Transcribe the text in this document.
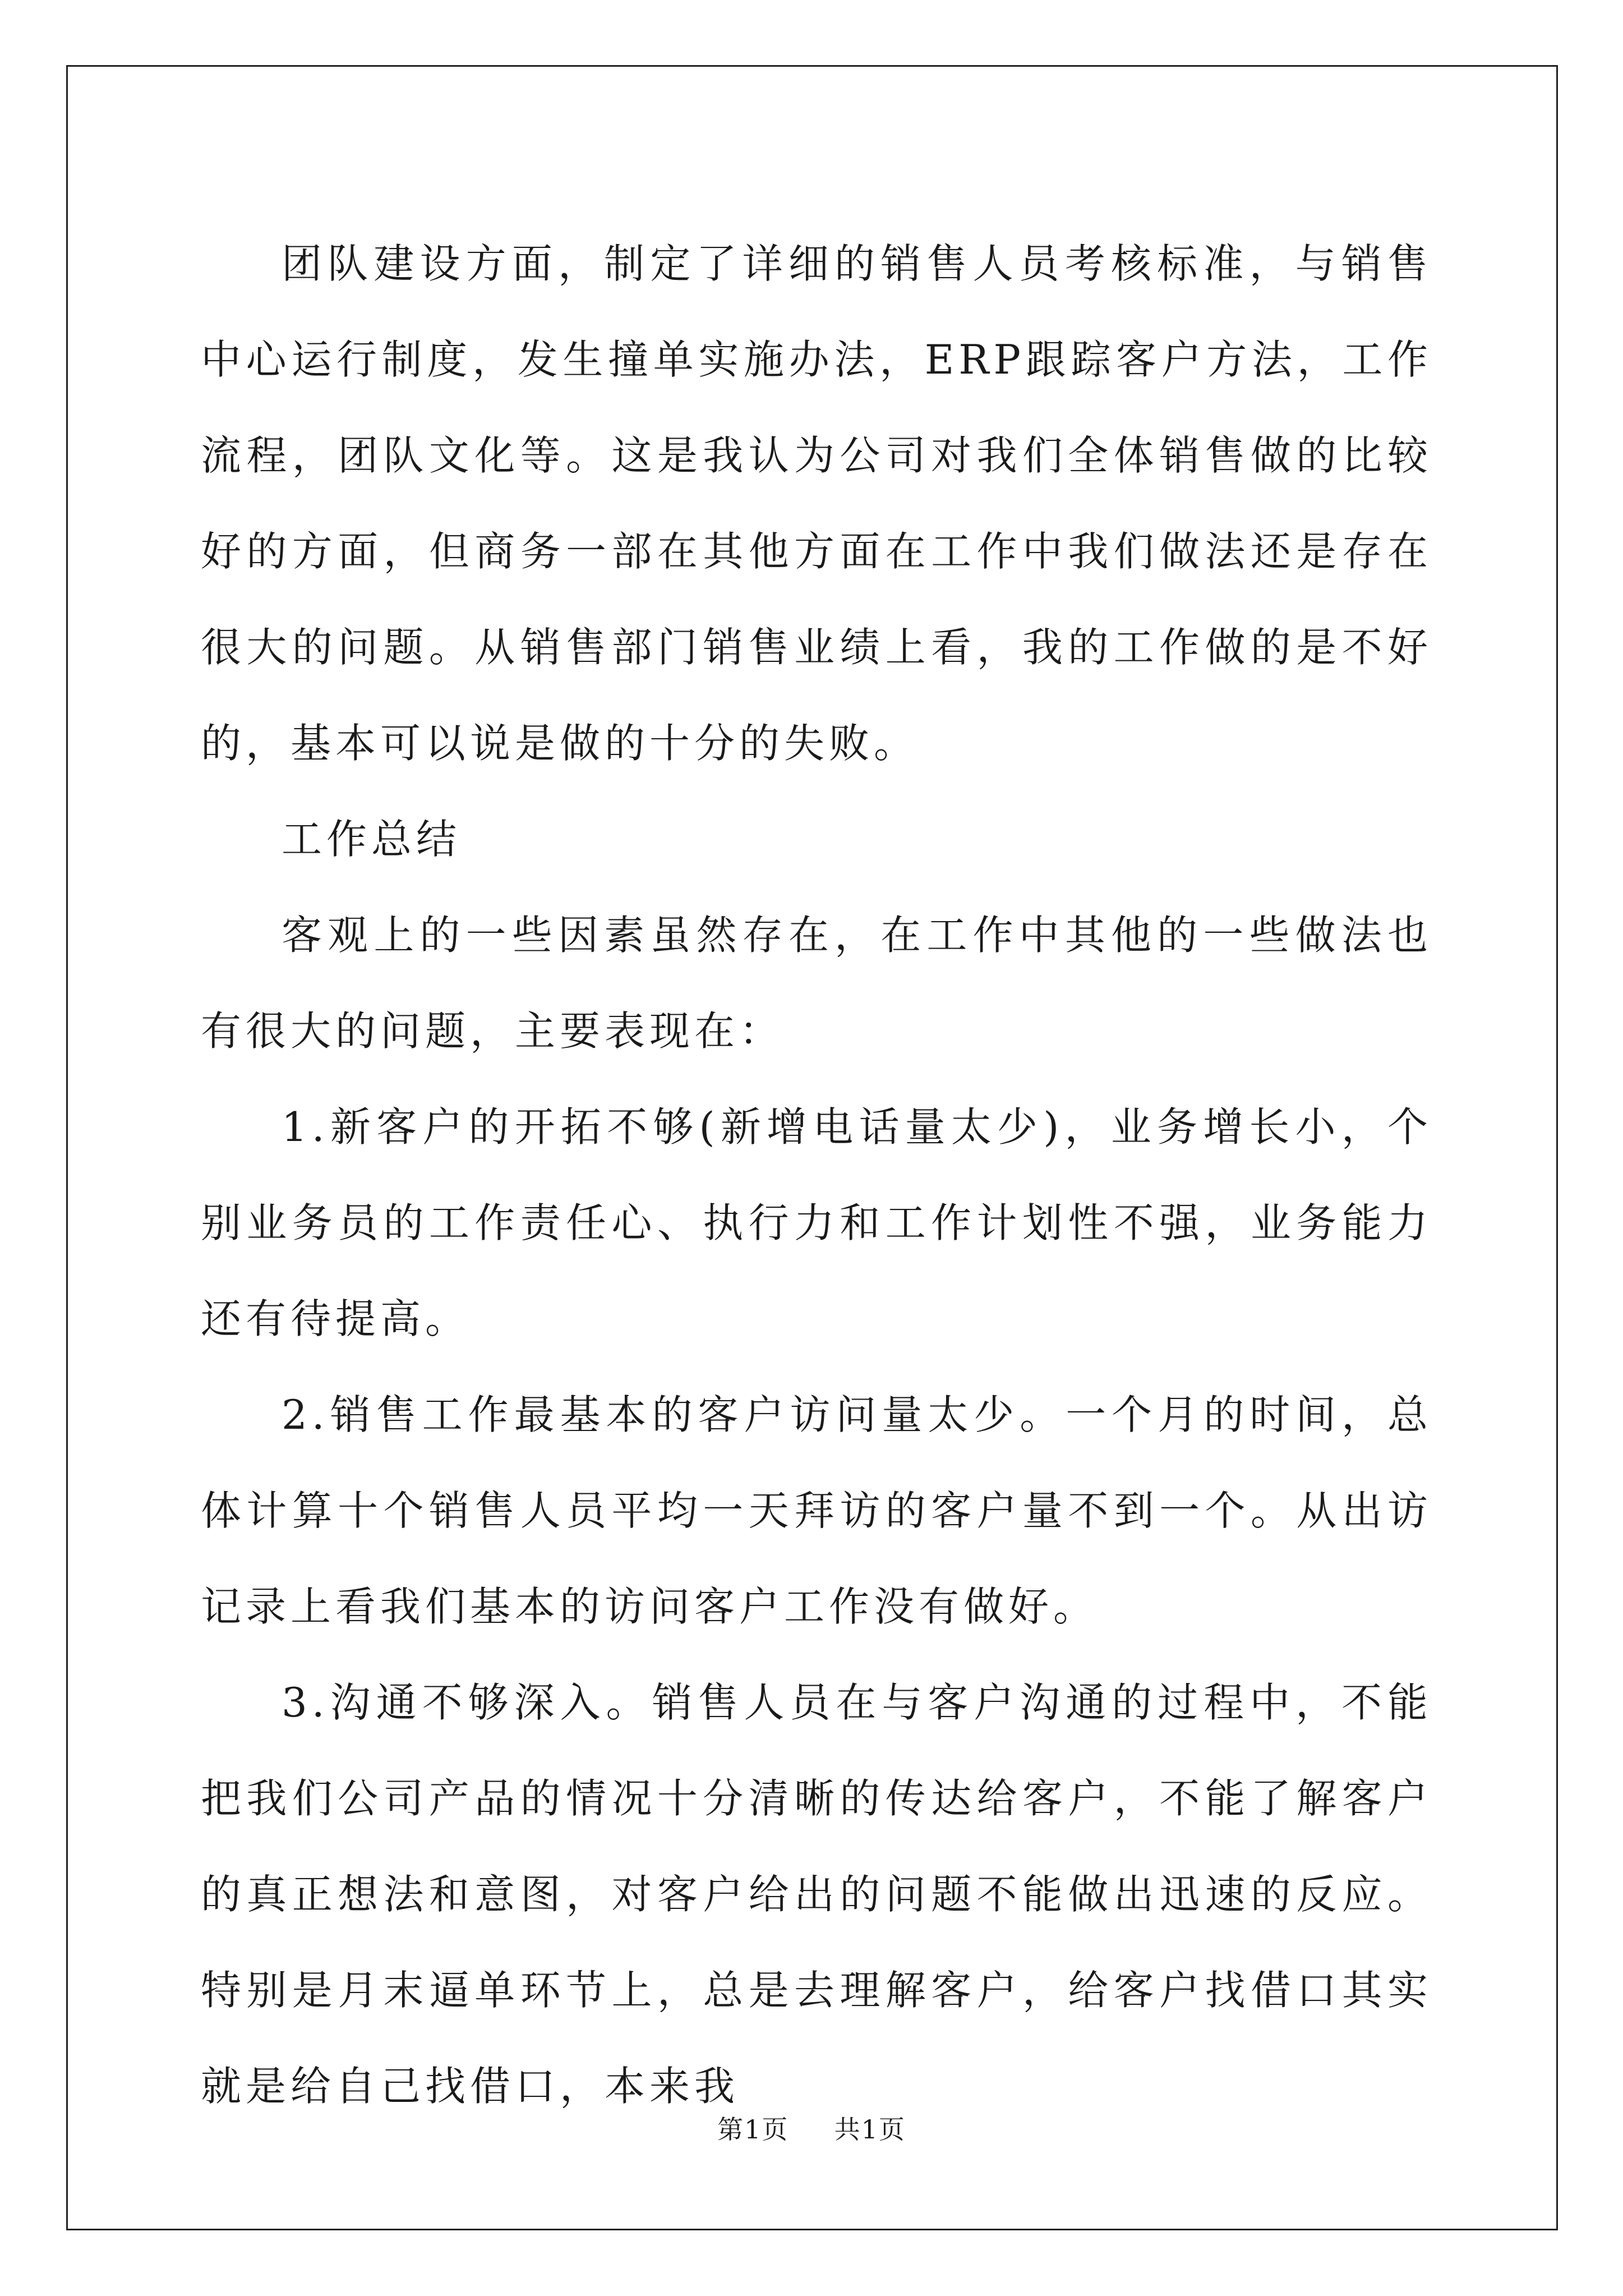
团队建设方面，制定了详细的销售人员考核标准，与销售中心运行制度，发生撞单实施办法，ERP跟踪客户方法，工作流程，团队文化等。这是我认为公司对我们全体销售做的比较好的方面，但商务一部在其他方面在工作中我们做法还是存在很大的问题。从销售部门销售业绩上看，我的工作做的是不好的，基本可以说是做的十分的失败。

工作总结

客观上的一些因素虽然存在，在工作中其他的一些做法也有很大的问题，主要表现在：

1.新客户的开拓不够(新增电话量太少)，业务增长小，个别业务员的工作责任心、执行力和工作计划性不强，业务能力还有待提高。

2.销售工作最基本的客户访问量太少。一个月的时间，总体计算十个销售人员平均一天拜访的客户量不到一个。从出访记录上看我们基本的访问客户工作没有做好。

3.沟通不够深入。销售人员在与客户沟通的过程中，不能把我们公司产品的情况十分清晰的传达给客户，不能了解客户的真正想法和意图，对客户给出的问题不能做出迅速的反应。特别是月末逼单环节上，总是去理解客户，给客户找借口其实就是给自己找借口，本来我

第1页 共1页
